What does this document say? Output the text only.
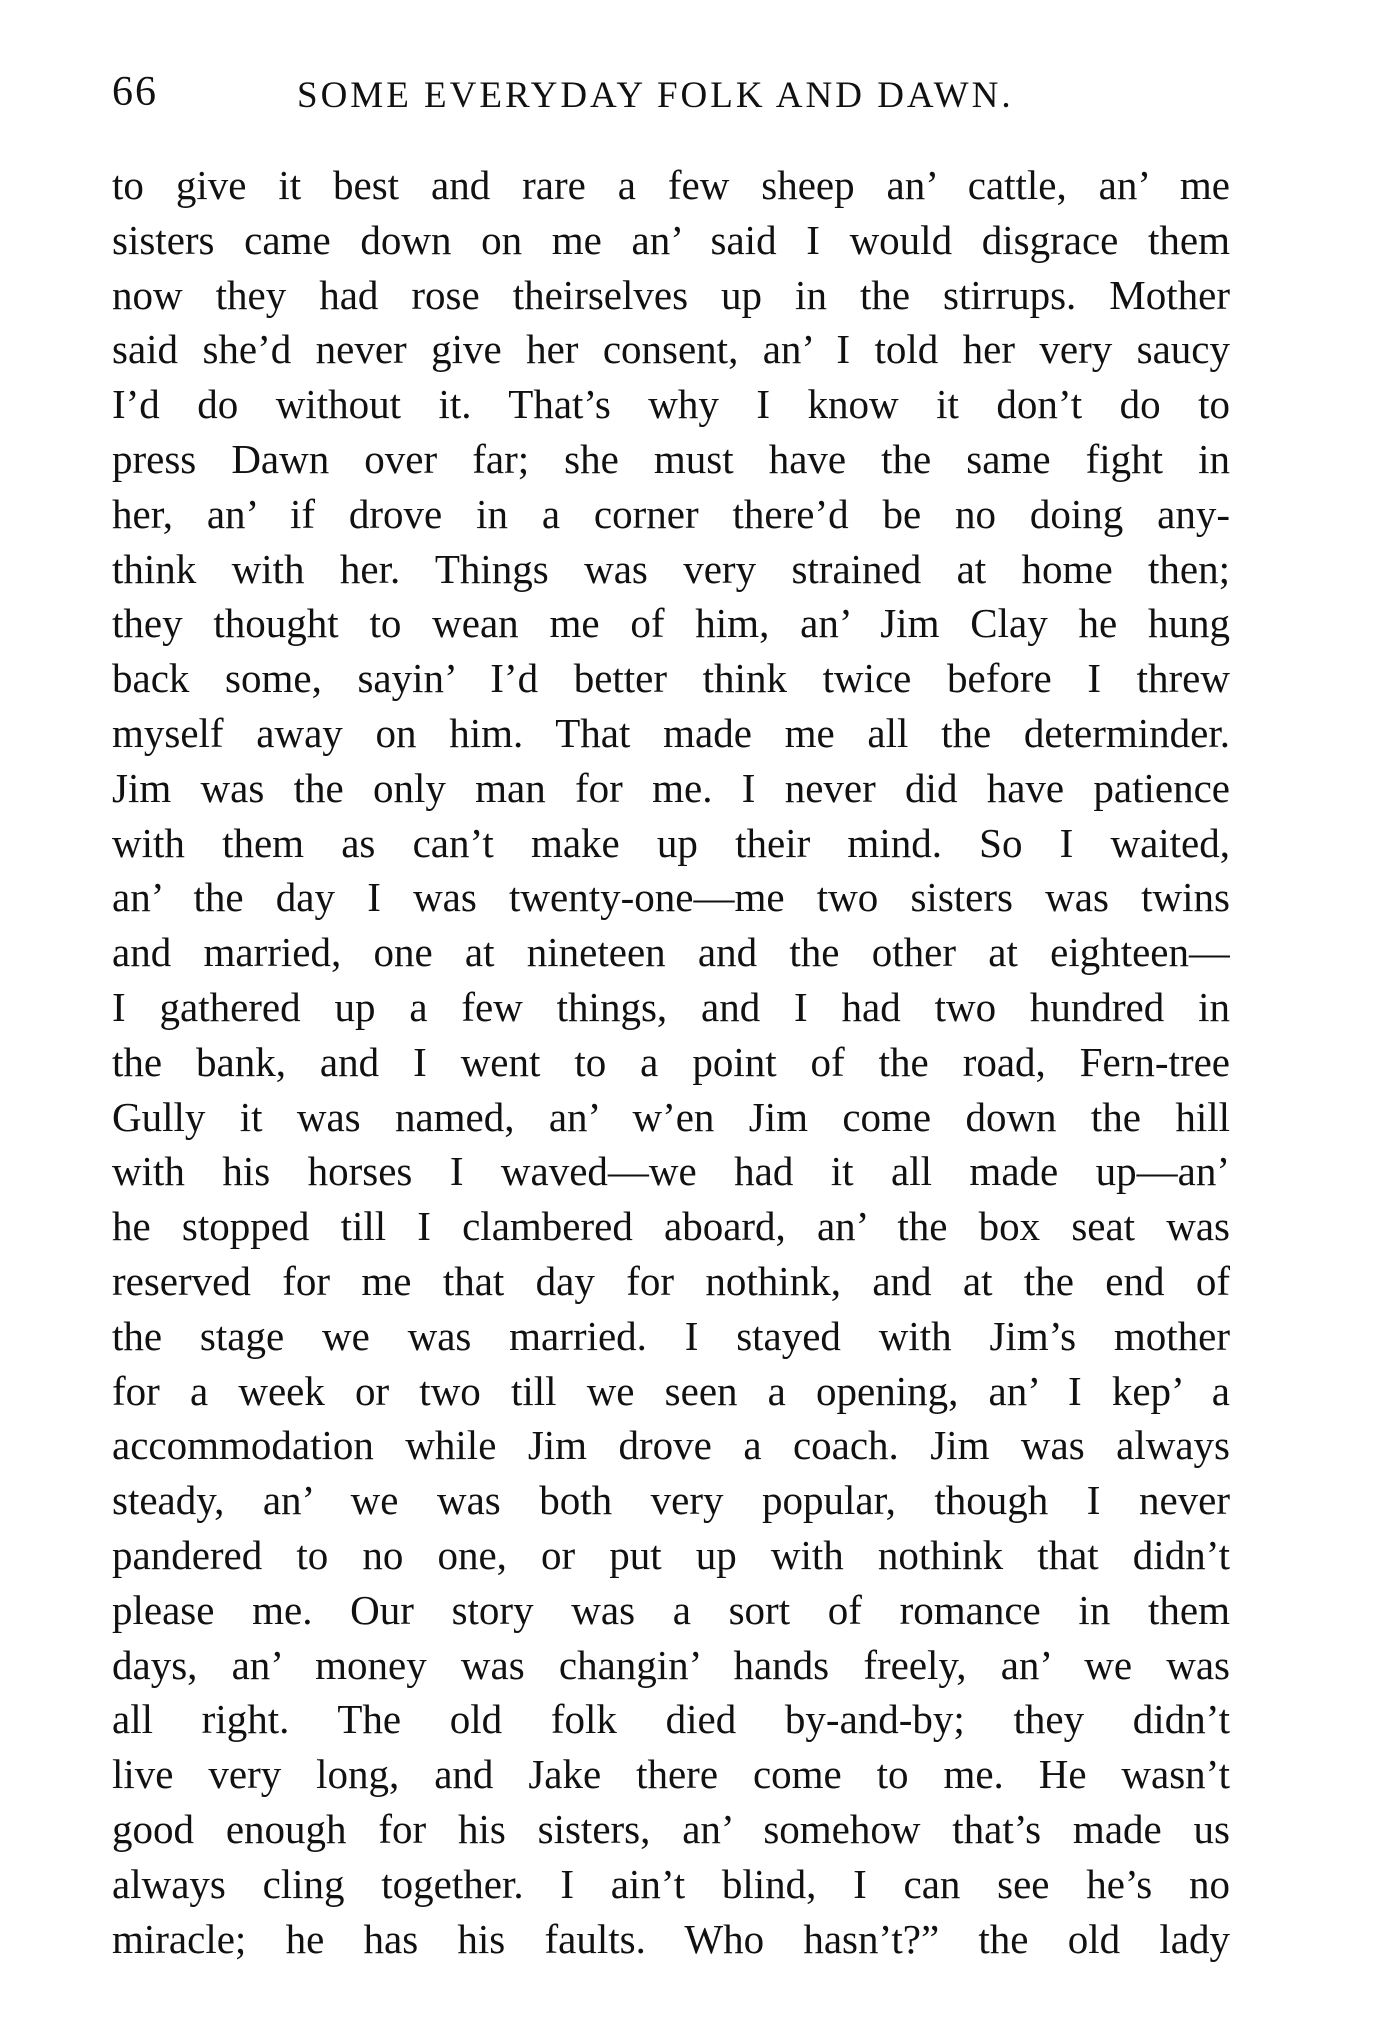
66	SOME EVERYDAY FOLK AND DAWN.
to give it best and rare a few sheep an’ cattle, an’ me
sisters came down on me an’ said I would disgrace them
now they had rose theirselves up in the stirrups. Mother
said she’d never give her consent, an’ I told her very saucy
I’d do without it. That’s why I know it don’t do to
press Dawn over far; she must have the same fight in
her, an’ if drove in a corner there’d be no doing any-
think with her. Things was very strained at home then;
they thought to wean me of him, an’ Jim Clay he hung
back some, sayin’ I’d better think twice before I threw
myself away on him. That made me all the determinder.
Jim was the only man for me. I never did have patience
with them as can’t make up their mind. So I waited,
an’ the day I was twenty-one—me two sisters was twins
and married, one at nineteen and the other at eighteen—
I gathered up a few things, and I had two hundred in
the bank, and I went to a point of the road, Fern-tree
Gully it was named, an’ w’en Jim come down the hill
with his horses I waved—we had it all made up—an’
he stopped till I clambered aboard, an’ the box seat was
reserved for me that day for nothink, and at the end of
the stage we was married. I stayed with Jim’s mother
for a week or two till we seen a opening, an’ I kep’ a
accommodation while Jim drove a coach. Jim was always
steady, an’ we was both very popular, though I never
pandered to no one, or put up with nothink that didn’t
please me. Our story was a sort of romance in them
days, an’ money was changin’ hands freely, an’ we was
all right. The old folk died by-and-by; they didn’t
live very long, and Jake there come to me. He wasn’t
good enough for his sisters, an’ somehow that’s made us
always cling together. I ain’t blind, I can see he’s no
miracle; he has his faults. Who hasn’t?” the old lady
